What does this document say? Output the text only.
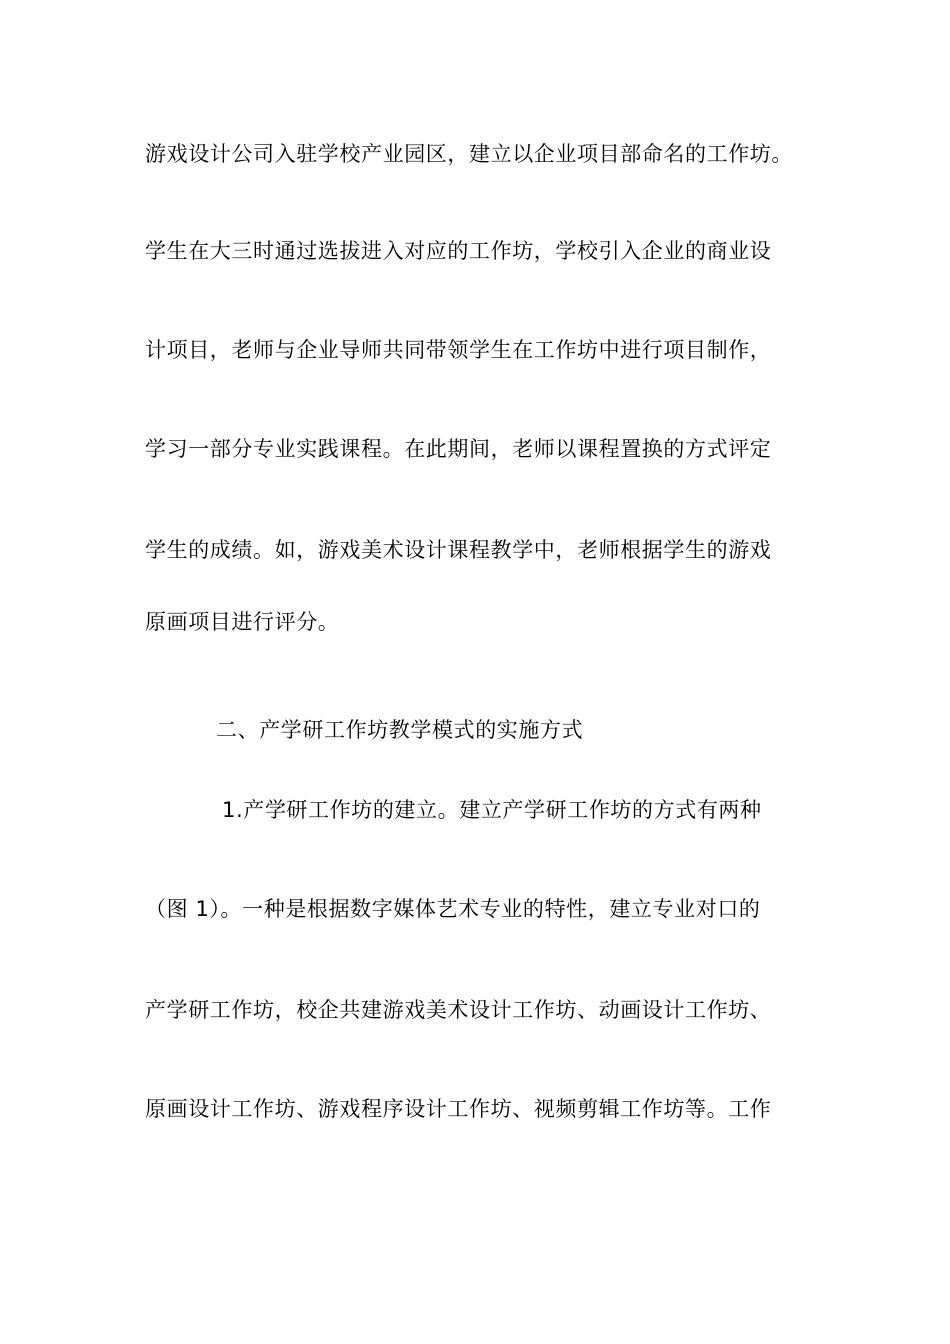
游戏设计公司入驻学校产业园区，建立以企业项目部命名的工作坊。
学生在大三时通过选拔进入对应的工作坊，学校引入企业的商业设
计项目，老师与企业导师共同带领学生在工作坊中进行项目制作，
学习一部分专业实践课程。在此期间，老师以课程置换的方式评定
学生的成绩。如，游戏美术设计课程教学中，老师根据学生的游戏
原画项目进行评分。
二、产学研工作坊教学模式的实施方式
1.产学研工作坊的建立。建立产学研工作坊的方式有两种
（图 1）。一种是根据数字媒体艺术专业的特性，建立专业对口的
产学研工作坊，校企共建游戏美术设计工作坊、动画设计工作坊、
原画设计工作坊、游戏程序设计工作坊、视频剪辑工作坊等。工作
